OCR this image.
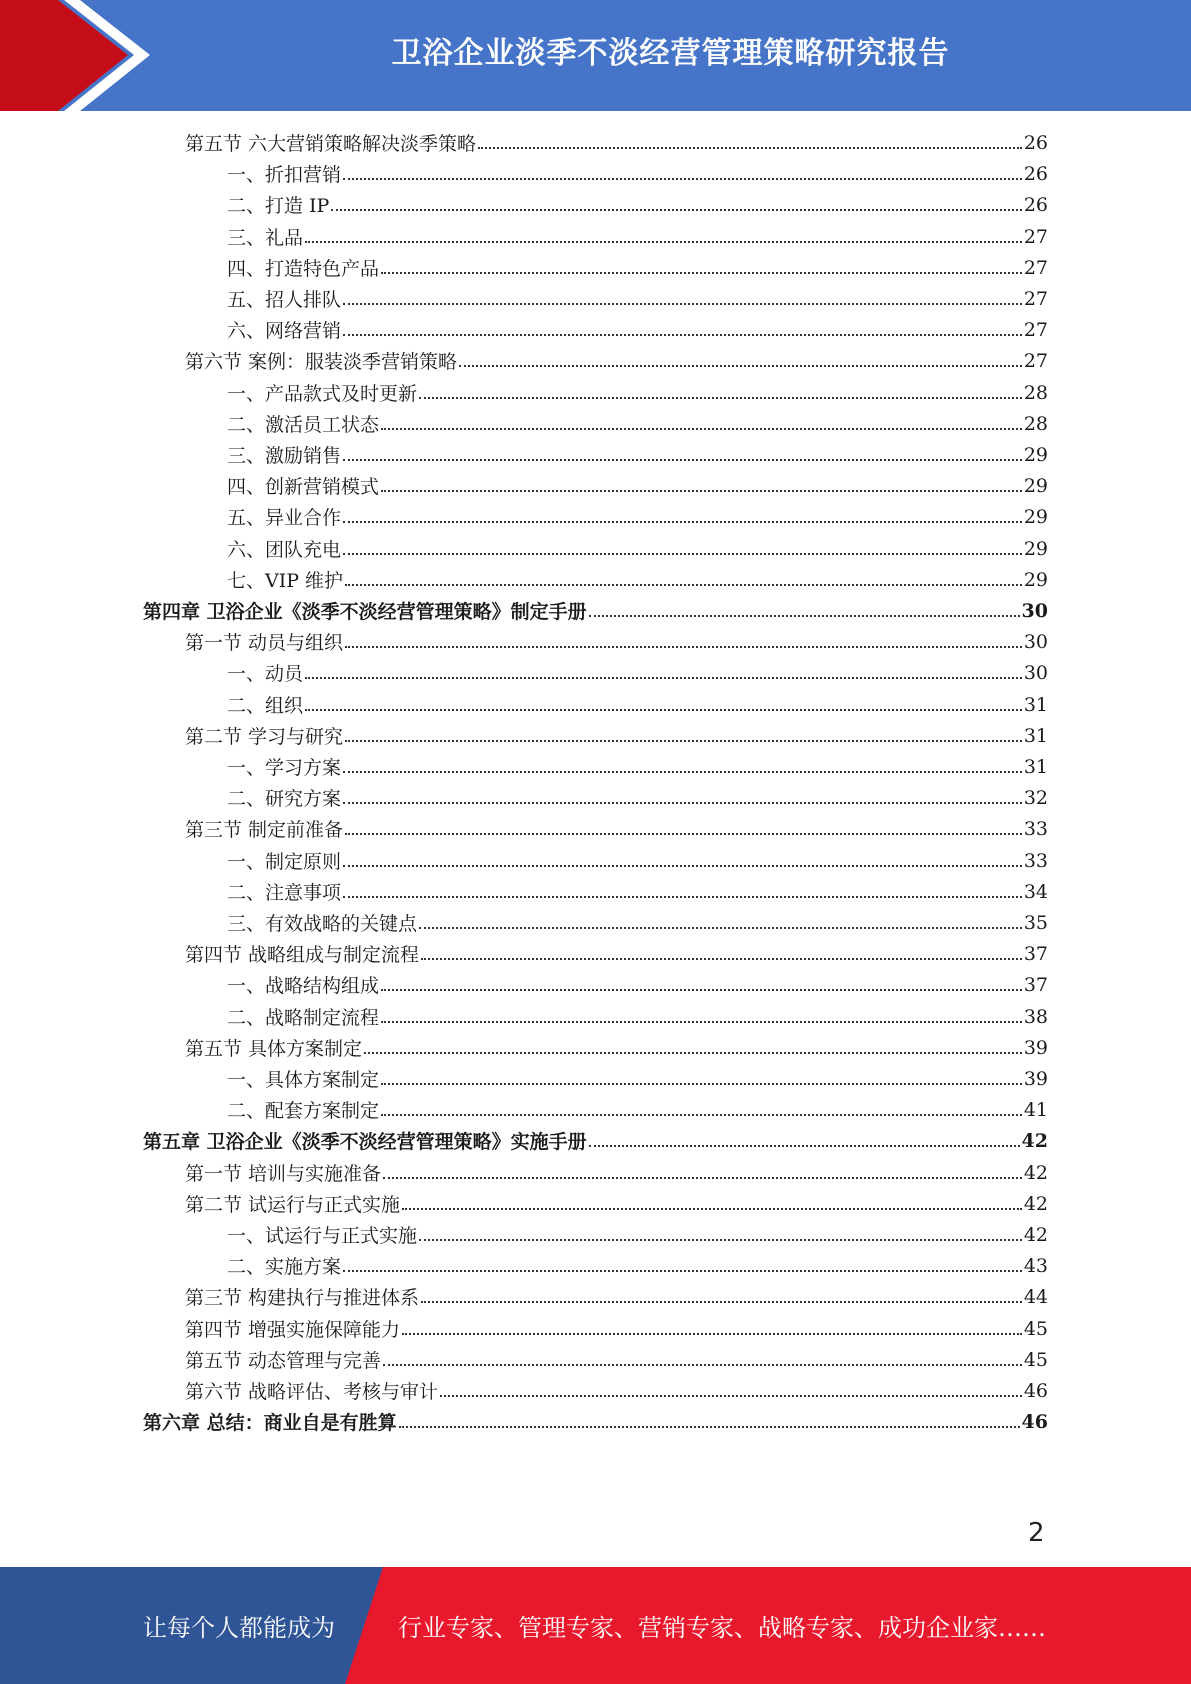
卫浴企业淡季不淡经营管理策略研究报告
第五节 六大营销策略解决淡季策略	26
一、折扣营销	26
二、打造 IP	26
三、礼品	27
四、打造特色产品	27
五、招人排队	27
六、网络营销	27
第六节 案例：服装淡季营销策略	27
一、产品款式及时更新	28
二、激活员工状态	28
三、激励销售	29
四、创新营销模式	29
五、异业合作	29
六、团队充电	29
七、VIP 维护	29
第四章 卫浴企业《淡季不淡经营管理策略》制定手册	30
第一节 动员与组织	30
一、动员	30
二、组织	31
第二节 学习与研究	31
一、学习方案	31
二、研究方案	32
第三节 制定前准备	33
一、制定原则	33
二、注意事项	34
三、有效战略的关键点	35
第四节 战略组成与制定流程	37
一、战略结构组成	37
二、战略制定流程	38
第五节 具体方案制定	39
一、具体方案制定	39
二、配套方案制定	41
第五章 卫浴企业《淡季不淡经营管理策略》实施手册	42
第一节 培训与实施准备	42
第二节 试运行与正式实施	42
一、试运行与正式实施	42
二、实施方案	43
第三节 构建执行与推进体系	44
第四节 增强实施保障能力	45
第五节 动态管理与完善	45
第六节 战略评估、考核与审计	46
第六章 总结：商业自是有胜算	46
2
让每个人都能成为	行业专家、管理专家、营销专家、战略专家、成功企业家……
